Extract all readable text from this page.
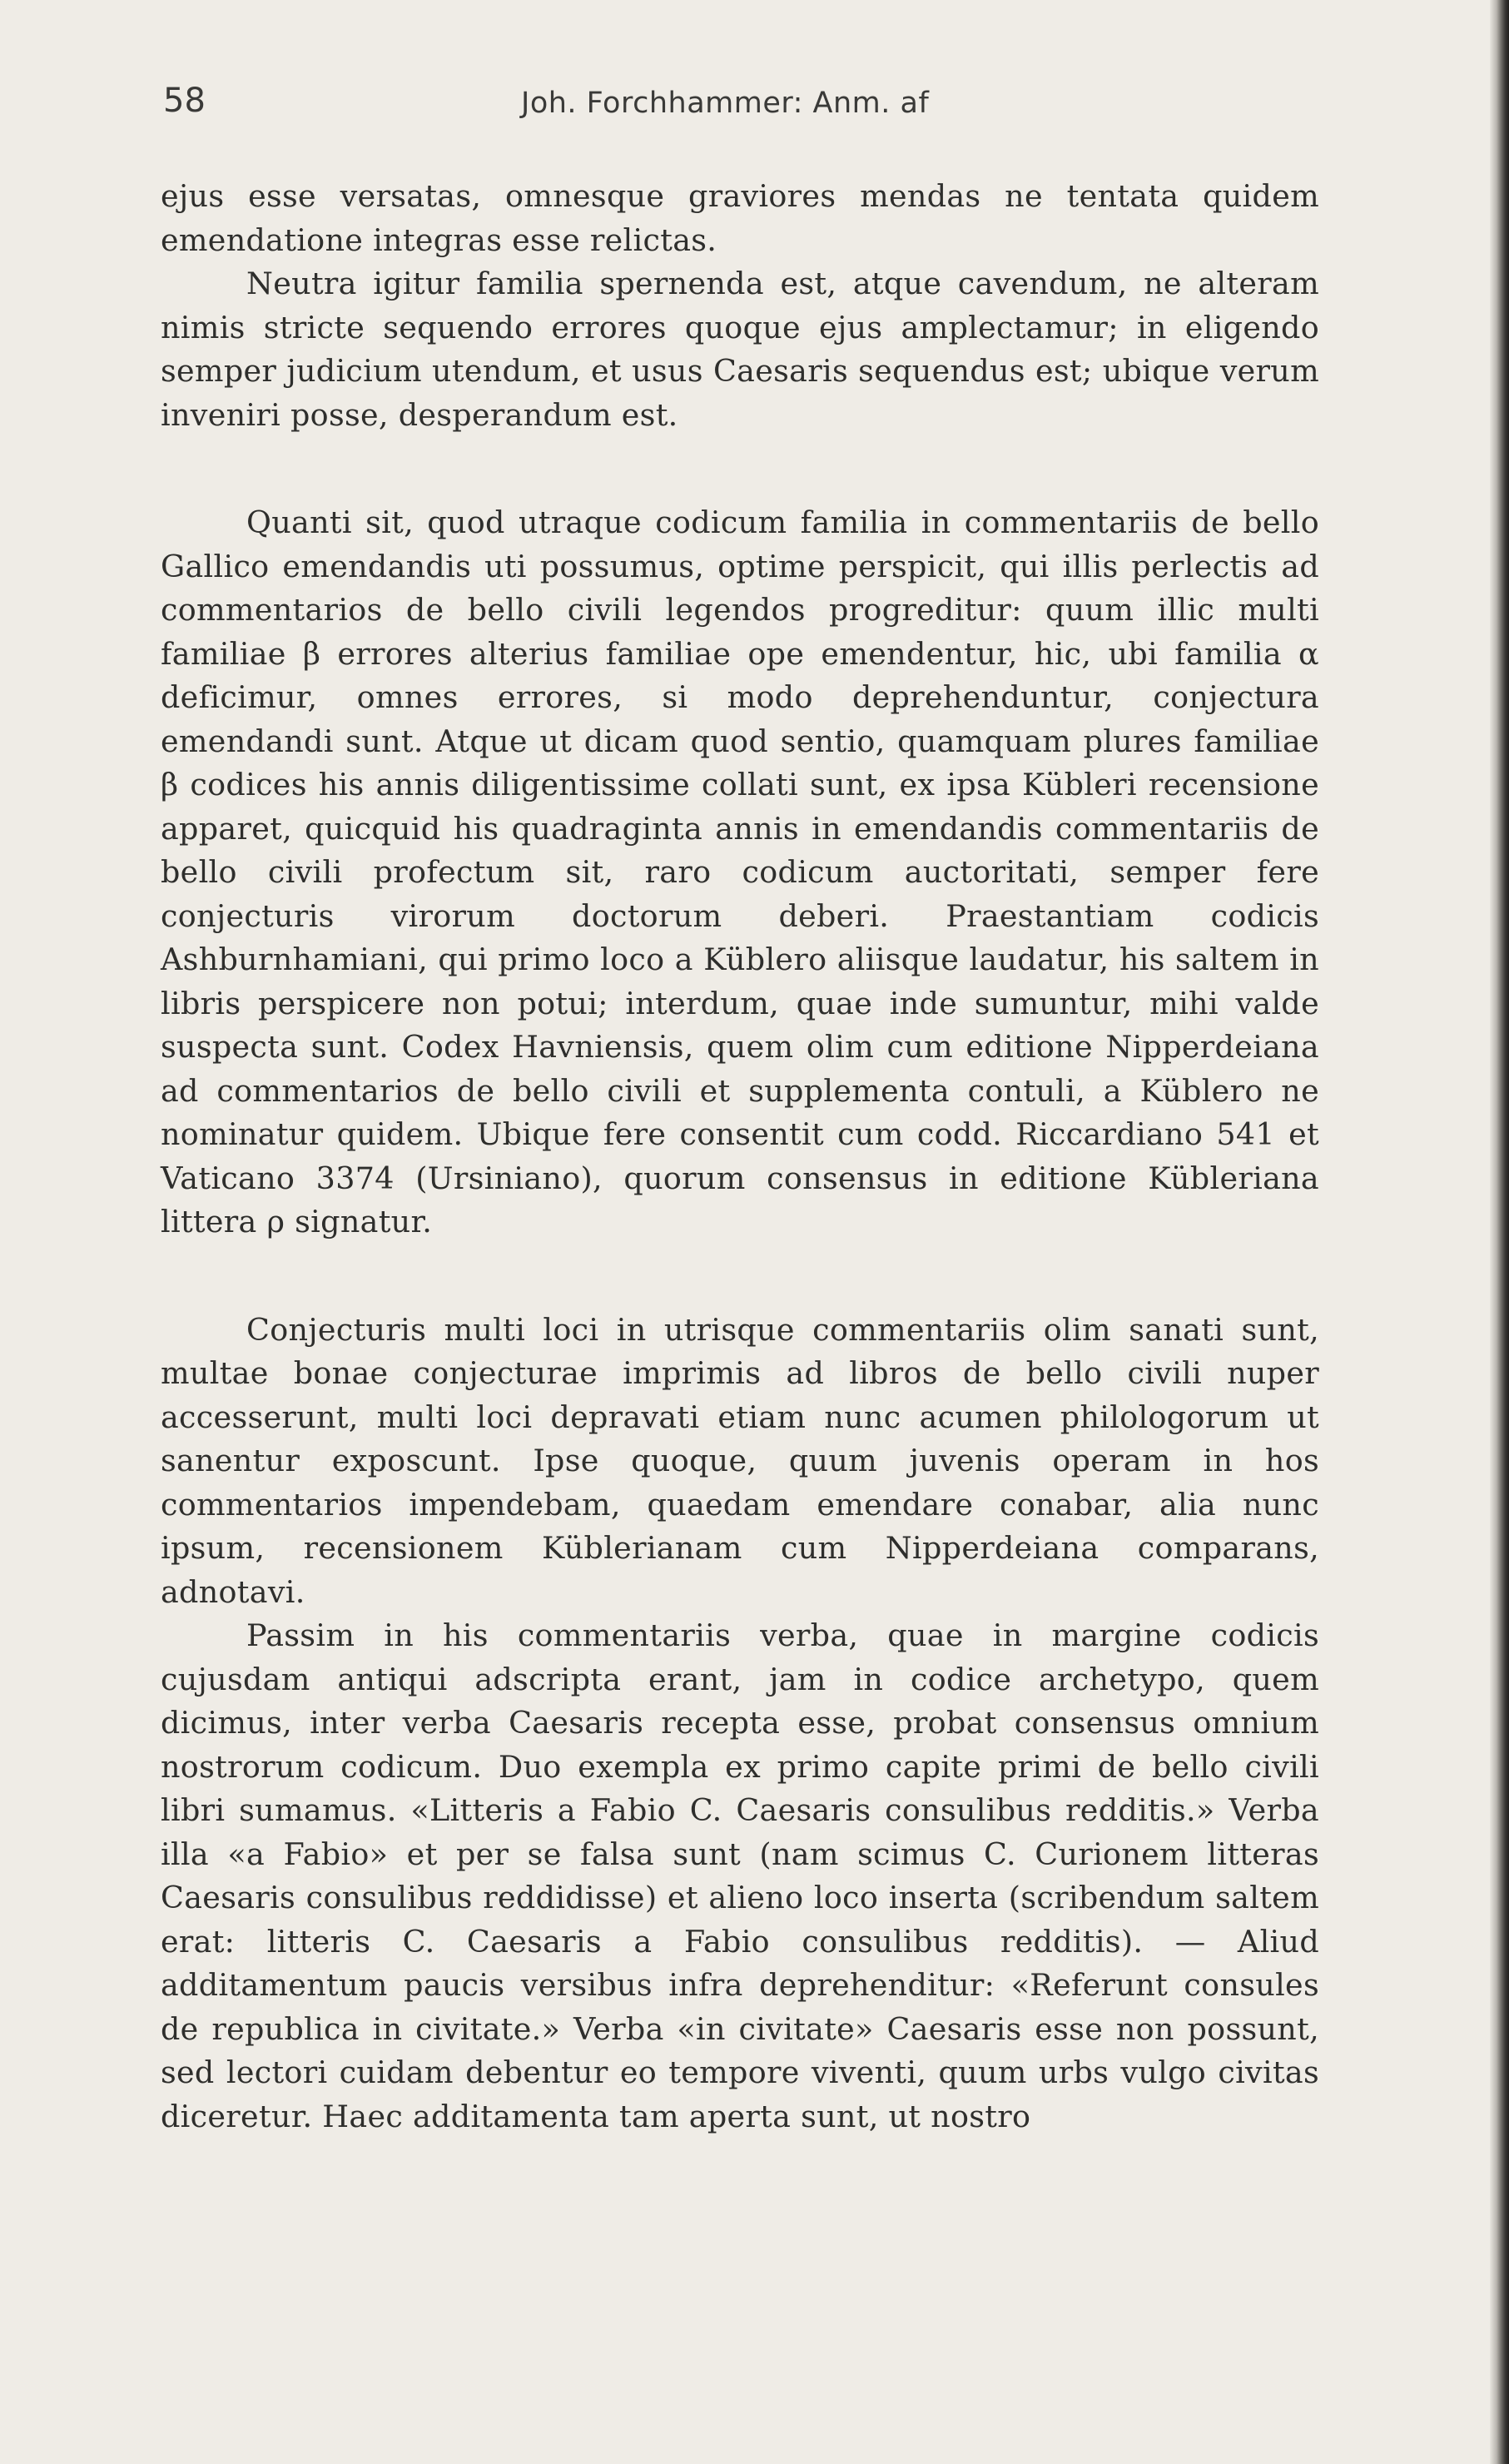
58	Joh. Forchhammer: Anm. af

ejus esse versatas, omnesque graviores mendas ne tentata quidem emendatione integras esse relictas.

Neutra igitur familia spernenda est, atque cavendum, ne alteram nimis stricte sequendo errores quoque ejus amplectamur; in eligendo semper judicium utendum, et usus Caesaris sequendus est; ubique verum inveniri posse, desperandum est.

Quanti sit, quod utraque codicum familia in commentariis de bello Gallico emendandis uti possumus, optime perspicit, qui illis perlectis ad commentarios de bello civili legendos progreditur: quum illic multi familiae β errores alterius familiae ope emendentur, hic, ubi familia α deficimur, omnes errores, si modo deprehenduntur, conjectura emendandi sunt. Atque ut dicam quod sentio, quamquam plures familiae β codices his annis diligentissime collati sunt, ex ipsa Kübleri recensione apparet, quicquid his quadraginta annis in emendandis commentariis de bello civili profectum sit, raro codicum auctoritati, semper fere conjecturis virorum doctorum deberi. Praestantiam codicis Ashburnhamiani, qui primo loco a Küblero aliisque laudatur, his saltem in libris perspicere non potui; interdum, quae inde sumuntur, mihi valde suspecta sunt. Codex Havniensis, quem olim cum editione Nipperdeiana ad commentarios de bello civili et supplementa contuli, a Küblero ne nominatur quidem. Ubique fere consentit cum codd. Riccardiano 541 et Vaticano 3374 (Ursiniano), quorum consensus in editione Kübleriana littera ρ signatur.

Conjecturis multi loci in utrisque commentariis olim sanati sunt, multae bonae conjecturae imprimis ad libros de bello civili nuper accesserunt, multi loci depravati etiam nunc acumen philologorum ut sanentur exposcunt. Ipse quoque, quum juvenis operam in hos commentarios impendebam, quaedam emendare conabar, alia nunc ipsum, recensionem Küblerianam cum Nipperdeiana comparans, adnotavi.

Passim in his commentariis verba, quae in margine codicis cujusdam antiqui adscripta erant, jam in codice archetypo, quem dicimus, inter verba Caesaris recepta esse, probat consensus omnium nostrorum codicum. Duo exempla ex primo capite primi de bello civili libri sumamus. «Litteris a Fabio C. Caesaris consulibus redditis.» Verba illa «a Fabio» et per se falsa sunt (nam scimus C. Curionem litteras Caesaris consulibus reddidisse) et alieno loco inserta (scribendum saltem erat: litteris C. Caesaris a Fabio consulibus redditis). — Aliud additamentum paucis versibus infra deprehenditur: «Referunt consules de republica in civitate.» Verba «in civitate» Caesaris esse non possunt, sed lectori cuidam debentur eo tempore viventi, quum urbs vulgo civitas diceretur. Haec additamenta tam aperta sunt, ut nostro
